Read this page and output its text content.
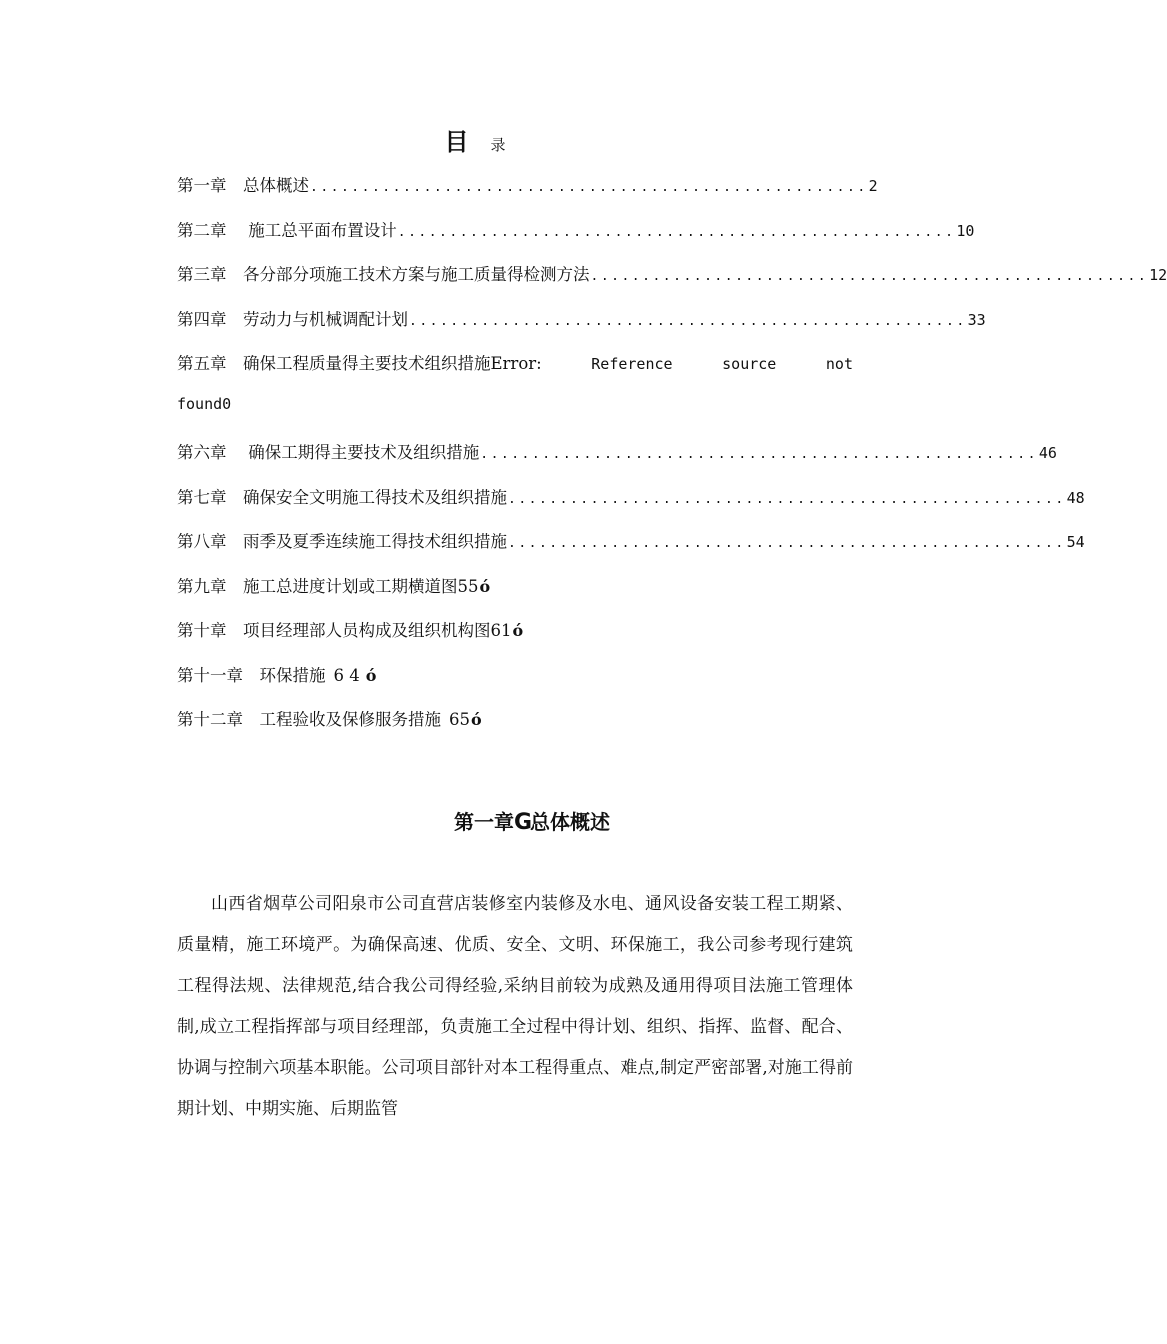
目 录
第一章　总体概述 ...................................................... 2
第二章　 施工总平面布置设计 ...................................................... 10
第三章　各分部分项施工技术方案与施工质量得检测方法 ...................................................... 12
第四章　劳动力与机械调配计划 ...................................................... 33
第五章　确保工程质量得主要技术组织措施Error:	Reference	source	not
found0
第六章　 确保工期得主要技术及组织措施 ...................................................... 46
第七章　确保安全文明施工得技术及组织措施 ...................................................... 48
第八章　雨季及夏季连续施工得技术组织措施 ...................................................... 54
第九章　施工总进度计划或工期横道图 55 ó
第十章　项目经理部人员构成及组织机构图 61 ó
第十一章　环保措施 6 4 ó
第十二章　工程验收及保修服务措施 65 ó
第一章G总体概述

山西省烟草公司阳泉市公司直营店装修室内装修及水电、通风设备安装工程工期紧、质量精，施工环境严。为确保高速、优质、安全、文明、环保施工，我公司参考现行建筑工程得法规、法律规范,结合我公司得经验,采纳目前较为成熟及通用得项目法施工管理体制,成立工程指挥部与项目经理部，负责施工全过程中得计划、组织、指挥、监督、配合、协调与控制六项基本职能。公司项目部针对本工程得重点、难点,制定严密部署,对施工得前期计划、中期实施、后期监管
